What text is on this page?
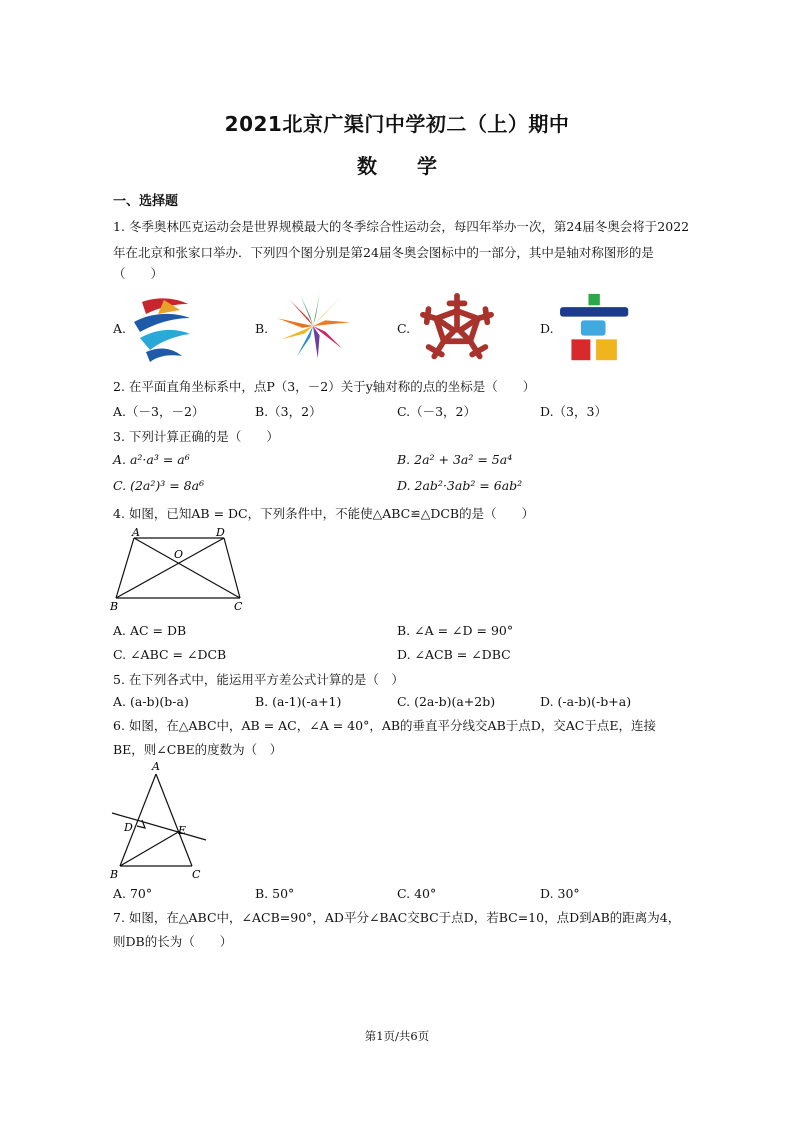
2021北京广渠门中学初二（上）期中
数　　学
一、选择题
1. 冬季奥林匹克运动会是世界规模最大的冬季综合性运动会，每四年举办一次，第24届冬奥会将于2022
年在北京和张家口举办．下列四个图分别是第24届冬奥会图标中的一部分，其中是轴对称图形的是
（　　）
A.	B.	C.	D.
2. 在平面直角坐标系中，点P（3，－2）关于y轴对称的点的坐标是（　　）
A.（－3，－2）	B.（3，2）	C.（－3，2）	D.（3，3）
3. 下列计算正确的是（　　）
A. a²·a³ = a⁶	B. 2a² + 3a² = 5a⁴
C. (2a²)³ = 8a⁶	D. 2ab²·3ab² = 6ab²
4. 如图，已知AB = DC，下列条件中，不能使△ABC≌△DCB的是（　　）
A	D
O
B	C
A. AC = DB	B. ∠A = ∠D = 90°
C. ∠ABC = ∠DCB	D. ∠ACB = ∠DBC
5. 在下列各式中，能运用平方差公式计算的是（　）
A. (a-b)(b-a)	B. (a-1)(-a+1)	C. (2a-b)(a+2b)	D. (-a-b)(-b+a)
6. 如图，在△ABC中，AB = AC，∠A = 40°，AB的垂直平分线交AB于点D，交AC于点E，连接
BE，则∠CBE的度数为（　）
A
D	E
B	C
A. 70°	B. 50°	C. 40°	D. 30°
7. 如图，在△ABC中，∠ACB=90°，AD平分∠BAC交BC于点D，若BC=10，点D到AB的距离为4，
则DB的长为（　　）
第1页/共6页
